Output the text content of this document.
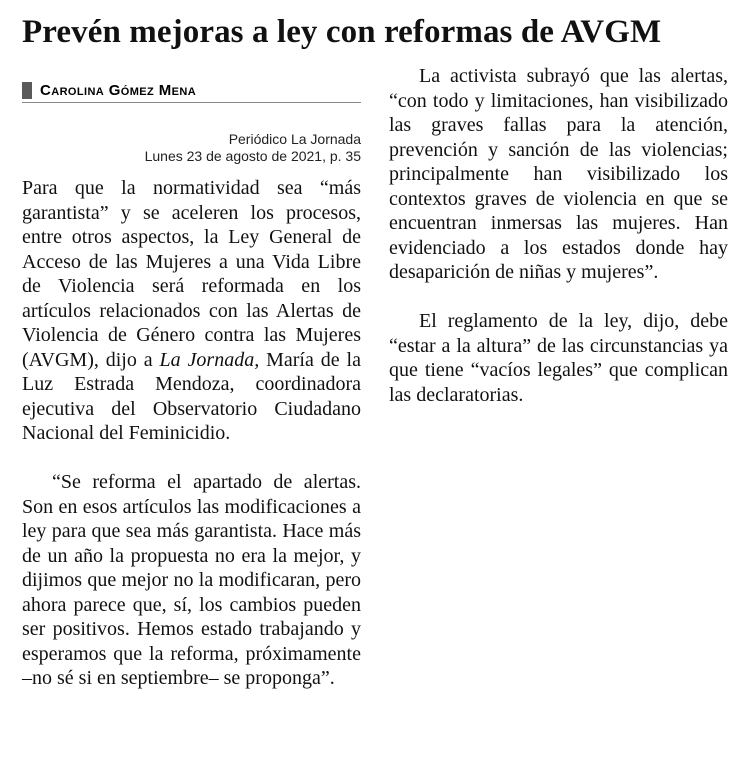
Prevén mejoras a ley con reformas de AVGM
Carolina Gómez Mena
Periódico La Jornada
Lunes 23 de agosto de 2021, p. 35

Para que la normatividad sea “más garantista” y se aceleren los procesos, entre otros aspectos, la Ley General de Acceso de las Mujeres a una Vida Libre de Violencia será reformada en los artículos relacionados con las Alertas de Violencia de Género contra las Mujeres (AVGM), dijo a La Jornada, María de la Luz Estrada Mendoza, coordinadora ejecutiva del Observatorio Ciudadano Nacional del Feminicidio.

“Se reforma el apartado de alertas. Son en esos artículos las modificaciones a ley para que sea más garantista. Hace más de un año la propuesta no era la mejor, y dijimos que mejor no la modificaran, pero ahora parece que, sí, los cambios pueden ser positivos. Hemos estado trabajando y esperamos que la reforma, próximamente –no sé si en septiembre– se proponga”.

La activista subrayó que las alertas, “con todo y limitaciones, han visibilizado las graves fallas para la atención, prevención y sanción de las violencias; principalmente han visibilizado los contextos graves de violencia en que se encuentran inmersas las mujeres. Han evidenciado a los estados donde hay desaparición de niñas y mujeres”.

El reglamento de la ley, dijo, debe “estar a la altura” de las circunstancias ya que tiene “vacíos legales” que complican las declaratorias.
